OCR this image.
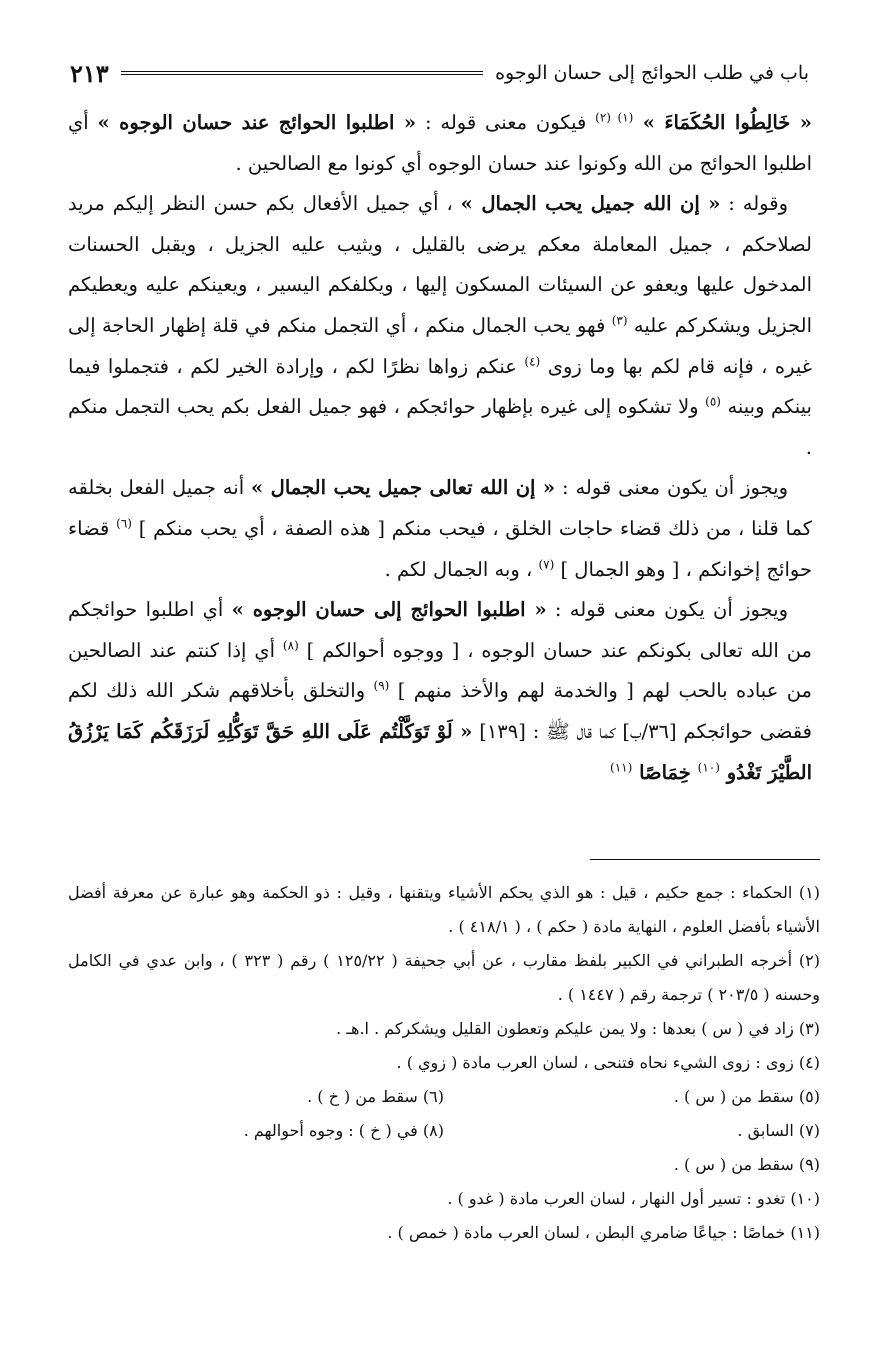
باب في طلب الحوائج إلى حسان الوجوه
٢١٣

« خَالِطُوا الحُكَمَاءَ » $^{(١) (٢)}$ فيكون معنى قوله : « اطلبوا الحوائج عند حسان الوجوه » أي اطلبوا الحوائج من الله وكونوا عند حسان الوجوه أي كونوا مع الصالحين .

وقوله : « إن الله جميل يحب الجمال » ، أي جميل الأفعال بكم حسن النظر إليكم مريد لصلاحكم ، جميل المعاملة معكم يرضى بالقليل ، ويثيب عليه الجزيل ، ويقبل الحسنات المدخول عليها ويعفو عن السيئات المسكون إليها ، ويكلفكم اليسير ، ويعينكم عليه ويعطيكم الجزيل ويشكركم عليه $^{(٣)}$ فهو يحب الجمال منكم ، أي التجمل منكم في قلة إظهار الحاجة إلى غيره ، فإنه قام لكم بها وما زوى $^{(٤)}$ عنكم زواها نظرًا لكم ، وإرادة الخير لكم ، فتجملوا فيما بينكم وبينه $^{(٥)}$ ولا تشكوه إلى غيره بإظهار حوائجكم ، فهو جميل الفعل بكم يحب التجمل منكم .

ويجوز أن يكون معنى قوله : « إن الله تعالى جميل يحب الجمال » أنه جميل الفعل بخلقه كما قلنا ، من ذلك قضاء حاجات الخلق ، فيحب منكم [ هذه الصفة ، أي يحب منكم ] $^{(٦)}$ قضاء حوائج إخوانكم ، [ وهو الجمال ] $^{(٧)}$ ، وبه الجمال لكم .

ويجوز أن يكون معنى قوله : « اطلبوا الحوائج إلى حسان الوجوه » أي اطلبوا حوائجكم من الله تعالى بكونكم عند حسان الوجوه ، [ ووجوه أحوالكم ] $^{(٨)}$ أي إذا كنتم عند الصالحين من عباده بالحب لهم [ والخدمة لهم والأخذ منهم ] $^{(٩)}$ والتخلق بأخلاقهم شكر الله ذلك لكم فقضى حوائجكم [٣٦/ب] كما قال ﷺ : [١٣٩] « لَوْ تَوَكَّلْتُم عَلَى اللهِ حَقَّ تَوَكُّلِهِ لَرَزَقَكُم كَمَا يَرْزُقُ الطَّيْرَ تَغْدُو $^{(١٠)}$ خِمَاصًا $^{(١١)}$

(١) الحكماء : جمع حكيم ، قيل : هو الذي يحكم الأشياء ويتقنها ، وقيل : ذو الحكمة وهو عبارة عن معرفة أفضل الأشياء بأفضل العلوم ، النهاية مادة ( حكم ) ، ( ٤١٨/١ ) .

(٢) أخرجه الطبراني في الكبير بلفظ مقارب ، عن أبي جحيفة ( ١٢٥/٢٢ ) رقم ( ٣٢٣ ) ، وابن عدي في الكامل وحسنه ( ٢٠٣/٥ ) ترجمة رقم ( ١٤٤٧ ) .

(٣) زاد في ( س ) بعدها : ولا يمن عليكم وتعطون القليل ويشكركم . ا.هـ .

(٤) زوى : زوى الشيء نحاه فتنحى ، لسان العرب مادة ( زوي ) .

(٥) سقط من ( س ) .
(٦) سقط من ( خ ) .
(٧) السابق .
(٨) في ( خ ) : وجوه أحوالهم .

(٩) سقط من ( س ) .

(١٠) تغدو : تسير أول النهار ، لسان العرب مادة ( غدو ) .

(١١) خماصًا : جياعًا ضامري البطن ، لسان العرب مادة ( خمص ) .
